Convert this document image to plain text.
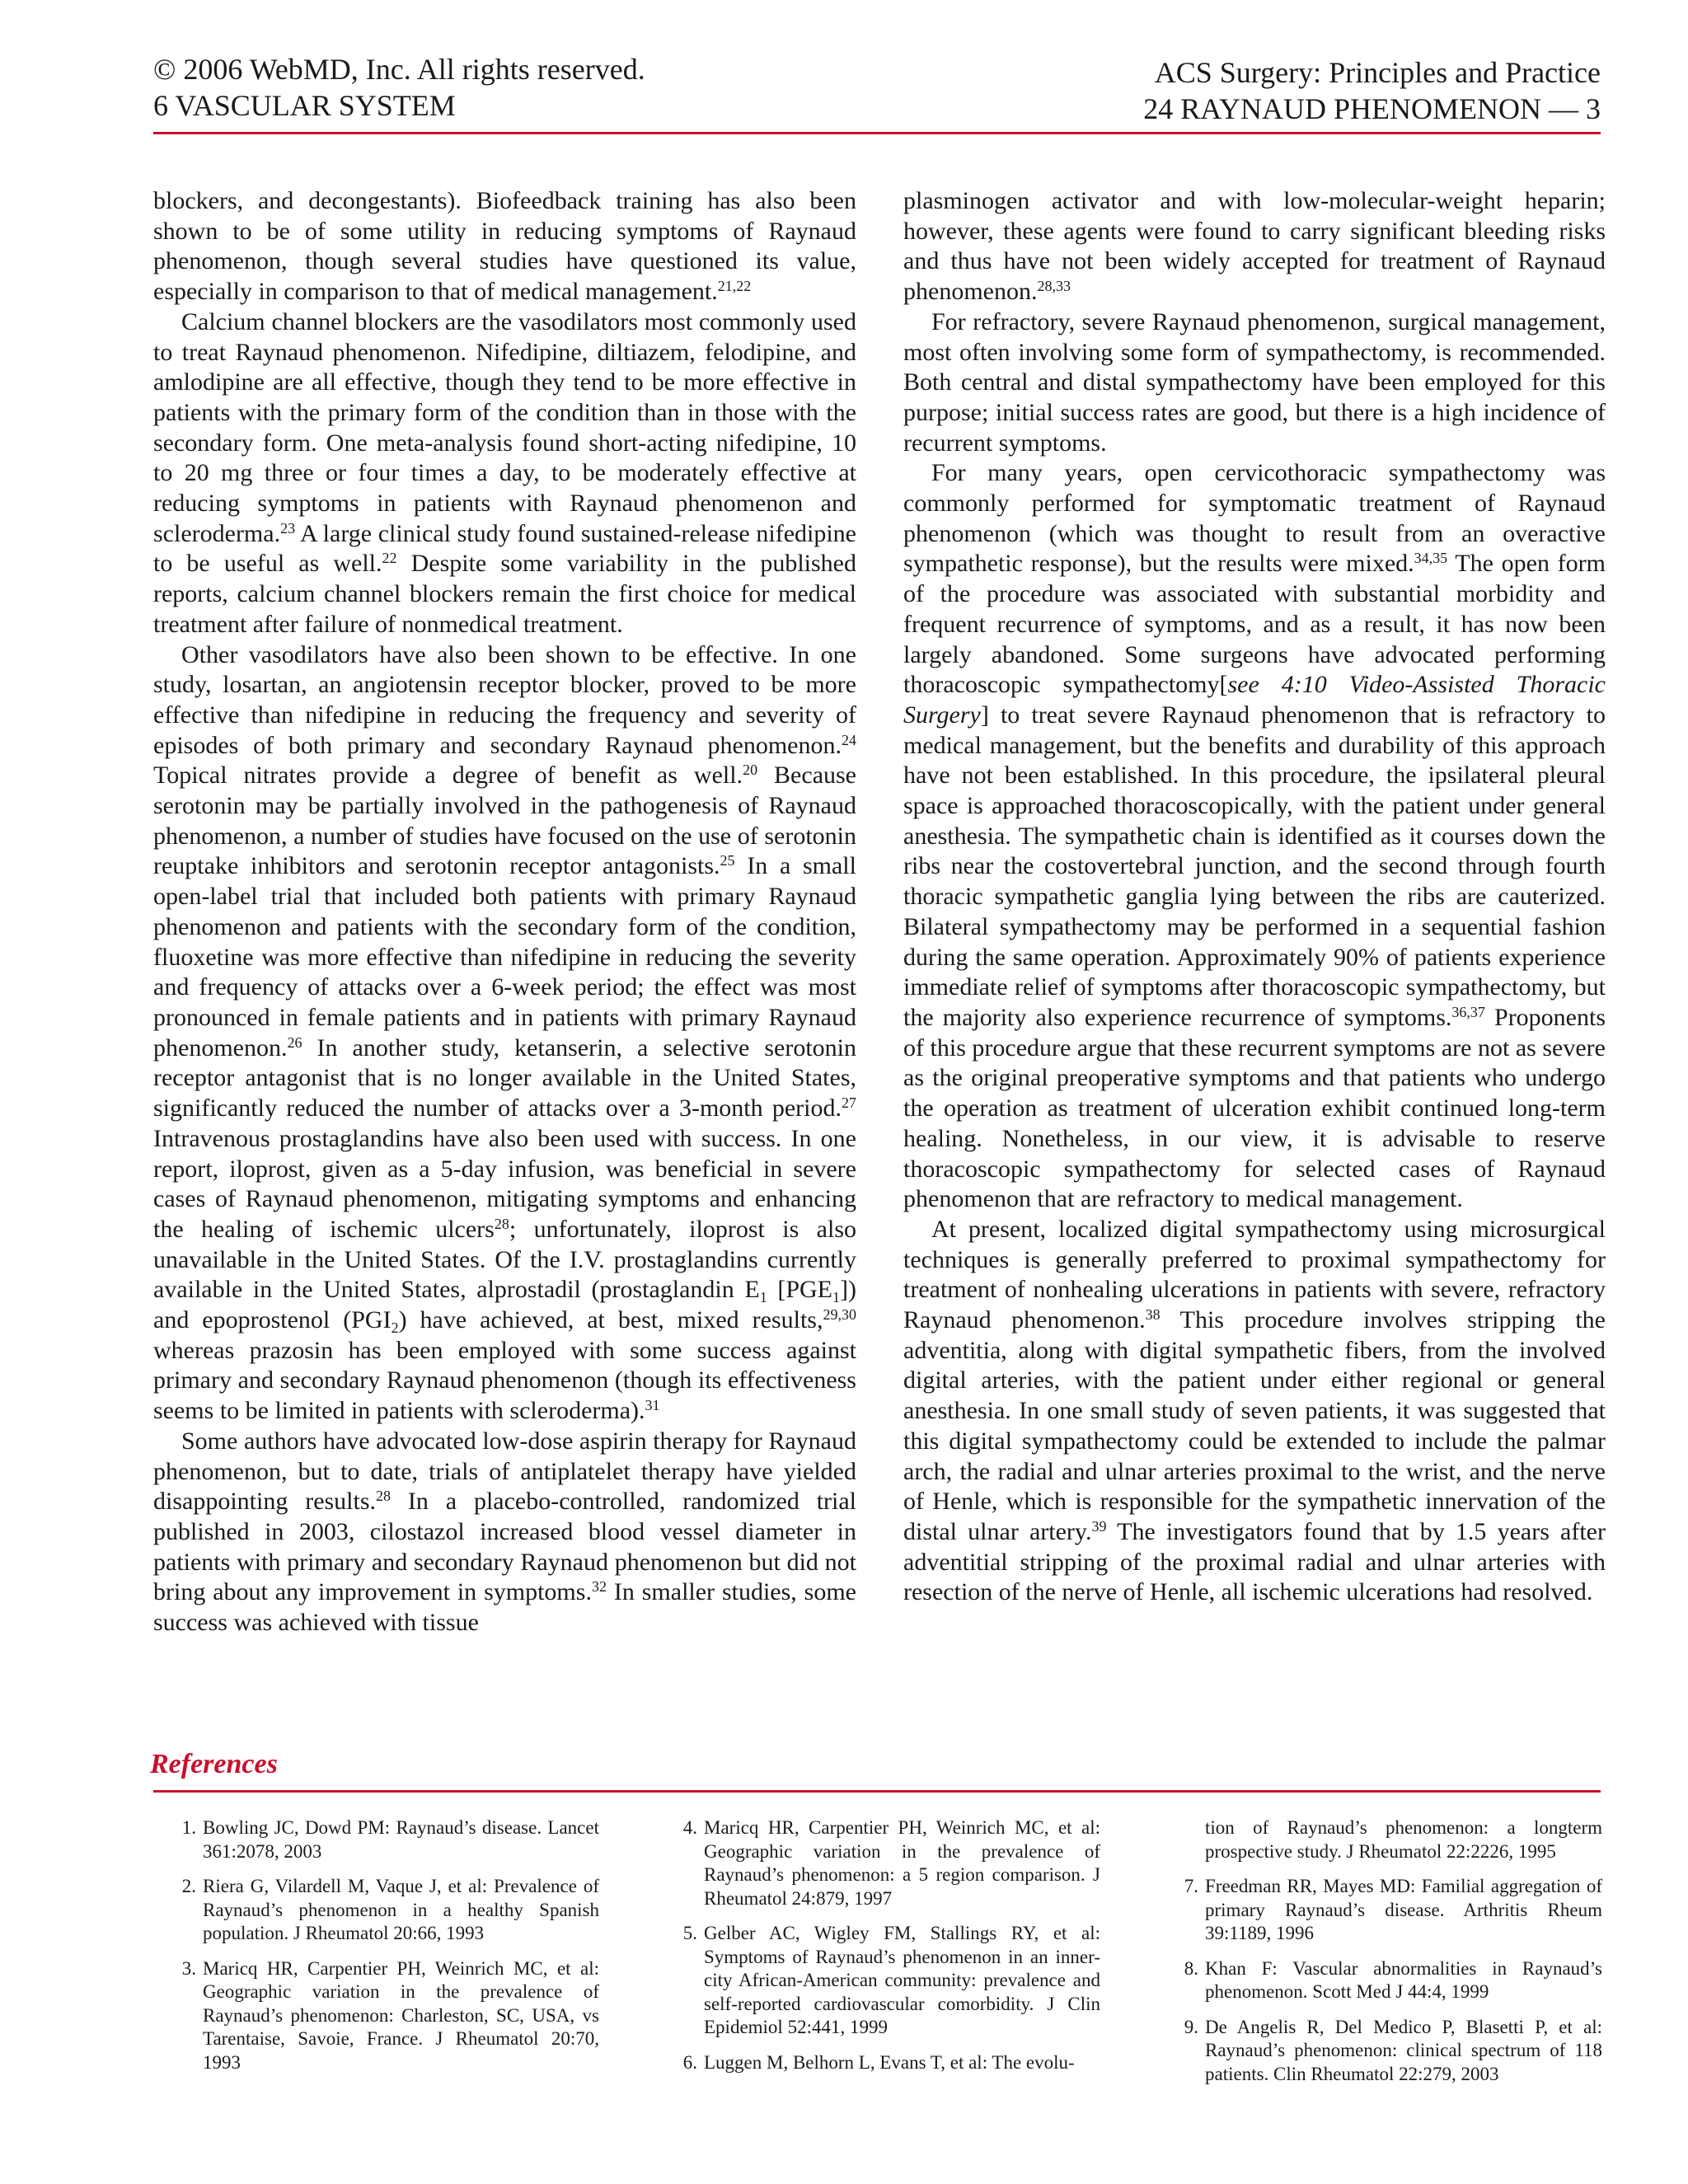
© 2006 WebMD, Inc. All rights reserved.
6 VASCULAR SYSTEM
ACS Surgery: Principles and Practice
24 RAYNAUD PHENOMENON — 3

blockers, and decongestants). Biofeedback training has also been shown to be of some utility in reducing symptoms of Raynaud phenomenon, though several studies have questioned its value, especially in comparison to that of medical management.$^{21,22}$

Calcium channel blockers are the vasodilators most commonly used to treat Raynaud phenomenon. Nifedipine, diltiazem, felodipine, and amlodipine are all effective, though they tend to be more effective in patients with the primary form of the condition than in those with the secondary form. One meta-analysis found short-acting nifedipine, 10 to 20 mg three or four times a day, to be moderately effective at reducing symptoms in patients with Raynaud phenomenon and scleroderma.$^{23}$ A large clinical study found sustained-release nifedipine to be useful as well.$^{22}$ Despite some variability in the published reports, calcium channel blockers remain the first choice for medical treatment after failure of nonmedical treatment.

Other vasodilators have also been shown to be effective. In one study, losartan, an angiotensin receptor blocker, proved to be more effective than nifedipine in reducing the frequency and severity of episodes of both primary and secondary Raynaud phenomenon.$^{24}$ Topical nitrates provide a degree of benefit as well.$^{20}$ Because serotonin may be partially involved in the pathogenesis of Raynaud phenomenon, a number of studies have focused on the use of serotonin reuptake inhibitors and serotonin receptor antagonists.$^{25}$ In a small open-label trial that included both patients with primary Raynaud phenomenon and patients with the secondary form of the condition, fluoxetine was more effective than nifedipine in reducing the severity and frequency of attacks over a 6-week period; the effect was most pronounced in female patients and in patients with primary Raynaud phenomenon.$^{26}$ In another study, ketanserin, a selective serotonin receptor antagonist that is no longer available in the United States, significantly reduced the number of attacks over a 3-month period.$^{27}$ Intravenous prostaglandins have also been used with success. In one report, iloprost, given as a 5-day infusion, was beneficial in severe cases of Raynaud phenomenon, mitigating symptoms and enhancing the healing of ischemic ulcers$^{28}$; unfortunately, iloprost is also unavailable in the United States. Of the I.V. prostaglandins currently available in the United States, alprostadil (prostaglandin $E_1$ $[PGE_1]$) and epoprostenol $(PGI_2)$ have achieved, at best, mixed results,$^{29,30}$ whereas prazosin has been employed with some success against primary and secondary Raynaud phenomenon (though its effectiveness seems to be limited in patients with scleroderma).$^{31}$

Some authors have advocated low-dose aspirin therapy for Raynaud phenomenon, but to date, trials of antiplatelet therapy have yielded disappointing results.$^{28}$ In a placebo-controlled, randomized trial published in 2003, cilostazol increased blood vessel diameter in patients with primary and secondary Raynaud phenomenon but did not bring about any improvement in symptoms.$^{32}$ In smaller studies, some success was achieved with tissue

plasminogen activator and with low-molecular-weight heparin; however, these agents were found to carry significant bleeding risks and thus have not been widely accepted for treatment of Raynaud phenomenon.$^{28,33}$

For refractory, severe Raynaud phenomenon, surgical management, most often involving some form of sympathectomy, is recommended. Both central and distal sympathectomy have been employed for this purpose; initial success rates are good, but there is a high incidence of recurrent symptoms.

For many years, open cervicothoracic sympathectomy was commonly performed for symptomatic treatment of Raynaud phenomenon (which was thought to result from an overactive sympathetic response), but the results were mixed.$^{34,35}$ The open form of the procedure was associated with substantial morbidity and frequent recurrence of symptoms, and as a result, it has now been largely abandoned. Some surgeons have advocated performing thoracoscopic sympathectomy[see 4:10 Video-Assisted Thoracic Surgery] to treat severe Raynaud phenomenon that is refractory to medical management, but the benefits and durability of this approach have not been established. In this procedure, the ipsilateral pleural space is approached thoracoscopically, with the patient under general anesthesia. The sympathetic chain is identified as it courses down the ribs near the costovertebral junction, and the second through fourth thoracic sympathetic ganglia lying between the ribs are cauterized. Bilateral sympathectomy may be performed in a sequential fashion during the same operation. Approximately 90% of patients experience immediate relief of symptoms after thoracoscopic sympathectomy, but the majority also experience recurrence of symptoms.$^{36,37}$ Proponents of this procedure argue that these recurrent symptoms are not as severe as the original preoperative symptoms and that patients who undergo the operation as treatment of ulceration exhibit continued long-term healing. Nonetheless, in our view, it is advisable to reserve thoracoscopic sympathectomy for selected cases of Raynaud phenomenon that are refractory to medical management.

At present, localized digital sympathectomy using microsurgical techniques is generally preferred to proximal sympathectomy for treatment of nonhealing ulcerations in patients with severe, refractory Raynaud phenomenon.$^{38}$ This procedure involves stripping the adventitia, along with digital sympathetic fibers, from the involved digital arteries, with the patient under either regional or general anesthesia. In one small study of seven patients, it was suggested that this digital sympathectomy could be extended to include the palmar arch, the radial and ulnar arteries proximal to the wrist, and the nerve of Henle, which is responsible for the sympathetic innervation of the distal ulnar artery.$^{39}$ The investigators found that by 1.5 years after adventitial stripping of the proximal radial and ulnar arteries with resection of the nerve of Henle, all ischemic ulcerations had resolved.

References
1. Bowling JC, Dowd PM: Raynaud’s disease. Lancet 361:2078, 2003
2. Riera G, Vilardell M, Vaque J, et al: Prevalence of Raynaud’s phenomenon in a healthy Spanish population. J Rheumatol 20:66, 1993
3. Maricq HR, Carpentier PH, Weinrich MC, et al: Geographic variation in the prevalence of Raynaud’s phenomenon: Charleston, SC, USA, vs Tarentaise, Savoie, France. J Rheumatol 20:70, 1993
4. Maricq HR, Carpentier PH, Weinrich MC, et al: Geographic variation in the prevalence of Raynaud’s phenomenon: a 5 region comparison. J Rheumatol 24:879, 1997
5. Gelber AC, Wigley FM, Stallings RY, et al: Symptoms of Raynaud’s phenomenon in an inner-city African-American community: prevalence and self-reported cardiovascular comorbidity. J Clin Epidemiol 52:441, 1999
6. Luggen M, Belhorn L, Evans T, et al: The evolu-
tion of Raynaud’s phenomenon: a longterm prospective study. J Rheumatol 22:2226, 1995
7. Freedman RR, Mayes MD: Familial aggregation of primary Raynaud’s disease. Arthritis Rheum 39:1189, 1996
8. Khan F: Vascular abnormalities in Raynaud’s phenomenon. Scott Med J 44:4, 1999
9. De Angelis R, Del Medico P, Blasetti P, et al: Raynaud’s phenomenon: clinical spectrum of 118 patients. Clin Rheumatol 22:279, 2003
